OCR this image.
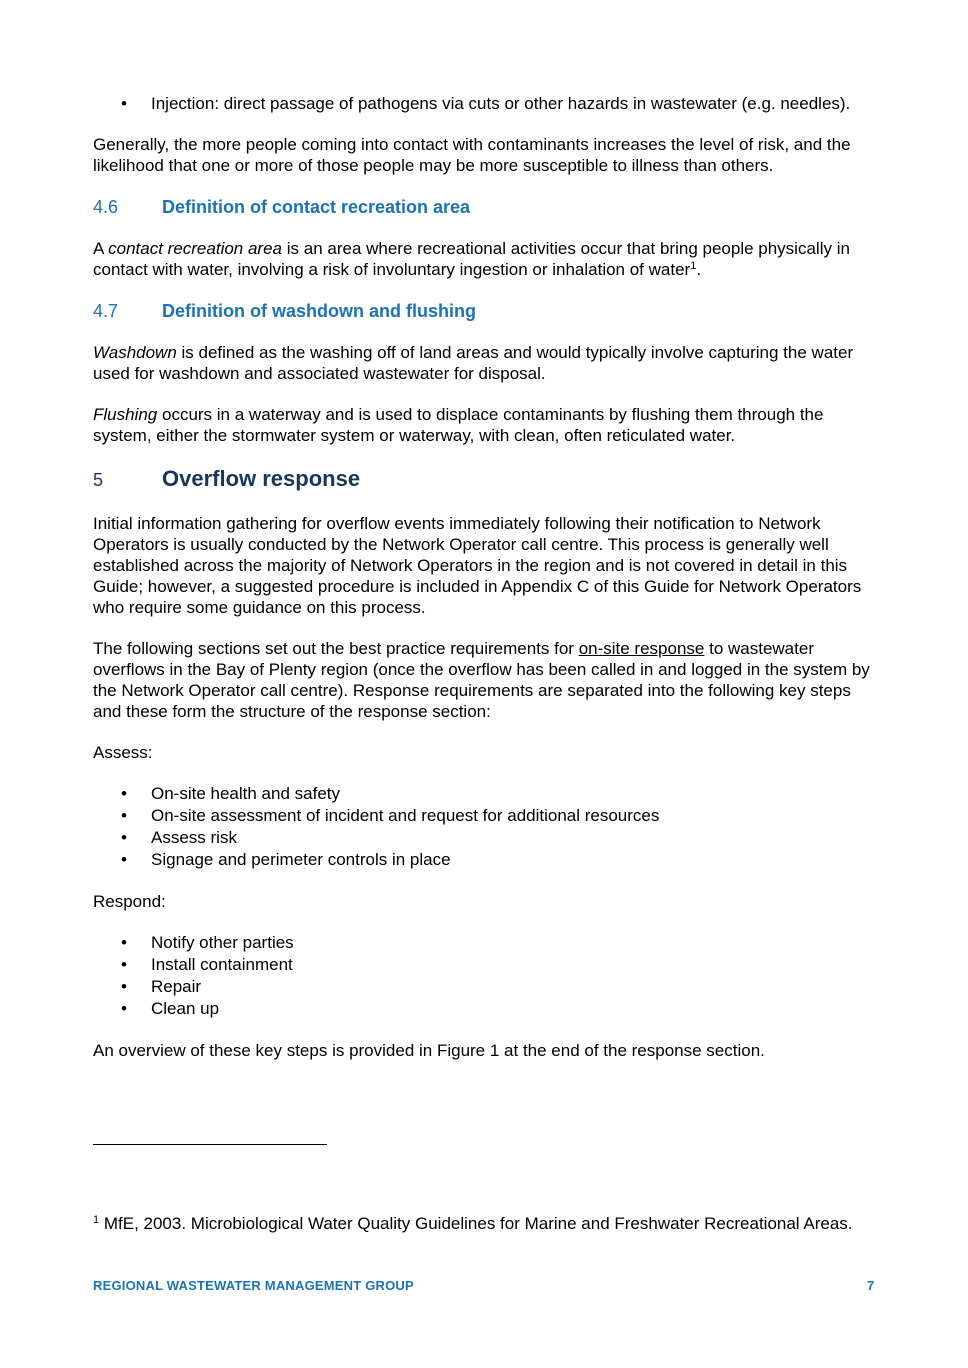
• Injection: direct passage of pathogens via cuts or other hazards in wastewater (e.g. needles).

Generally, the more people coming into contact with contaminants increases the level of risk, and the likelihood that one or more of those people may be more susceptible to illness than others.

4.6	Definition of contact recreation area

A contact recreation area is an area where recreational activities occur that bring people physically in contact with water, involving a risk of involuntary ingestion or inhalation of water$^1$.

4.7	Definition of washdown and flushing

Washdown is defined as the washing off of land areas and would typically involve capturing the water used for washdown and associated wastewater for disposal.

Flushing occurs in a waterway and is used to displace contaminants by flushing them through the system, either the stormwater system or waterway, with clean, often reticulated water.

5	Overflow response

Initial information gathering for overflow events immediately following their notification to Network Operators is usually conducted by the Network Operator call centre. This process is generally well established across the majority of Network Operators in the region and is not covered in detail in this Guide; however, a suggested procedure is included in Appendix C of this Guide for Network Operators who require some guidance on this process.

The following sections set out the best practice requirements for on-site response to wastewater overflows in the Bay of Plenty region (once the overflow has been called in and logged in the system by the Network Operator call centre). Response requirements are separated into the following key steps and these form the structure of the response section:

Assess:

• On-site health and safety
• On-site assessment of incident and request for additional resources
• Assess risk
• Signage and perimeter controls in place

Respond:

• Notify other parties
• Install containment
• Repair
• Clean up

An overview of these key steps is provided in Figure 1 at the end of the response section.

$^1$ MfE, 2003. Microbiological Water Quality Guidelines for Marine and Freshwater Recreational Areas.
REGIONAL WASTEWATER MANAGEMENT GROUP	7
